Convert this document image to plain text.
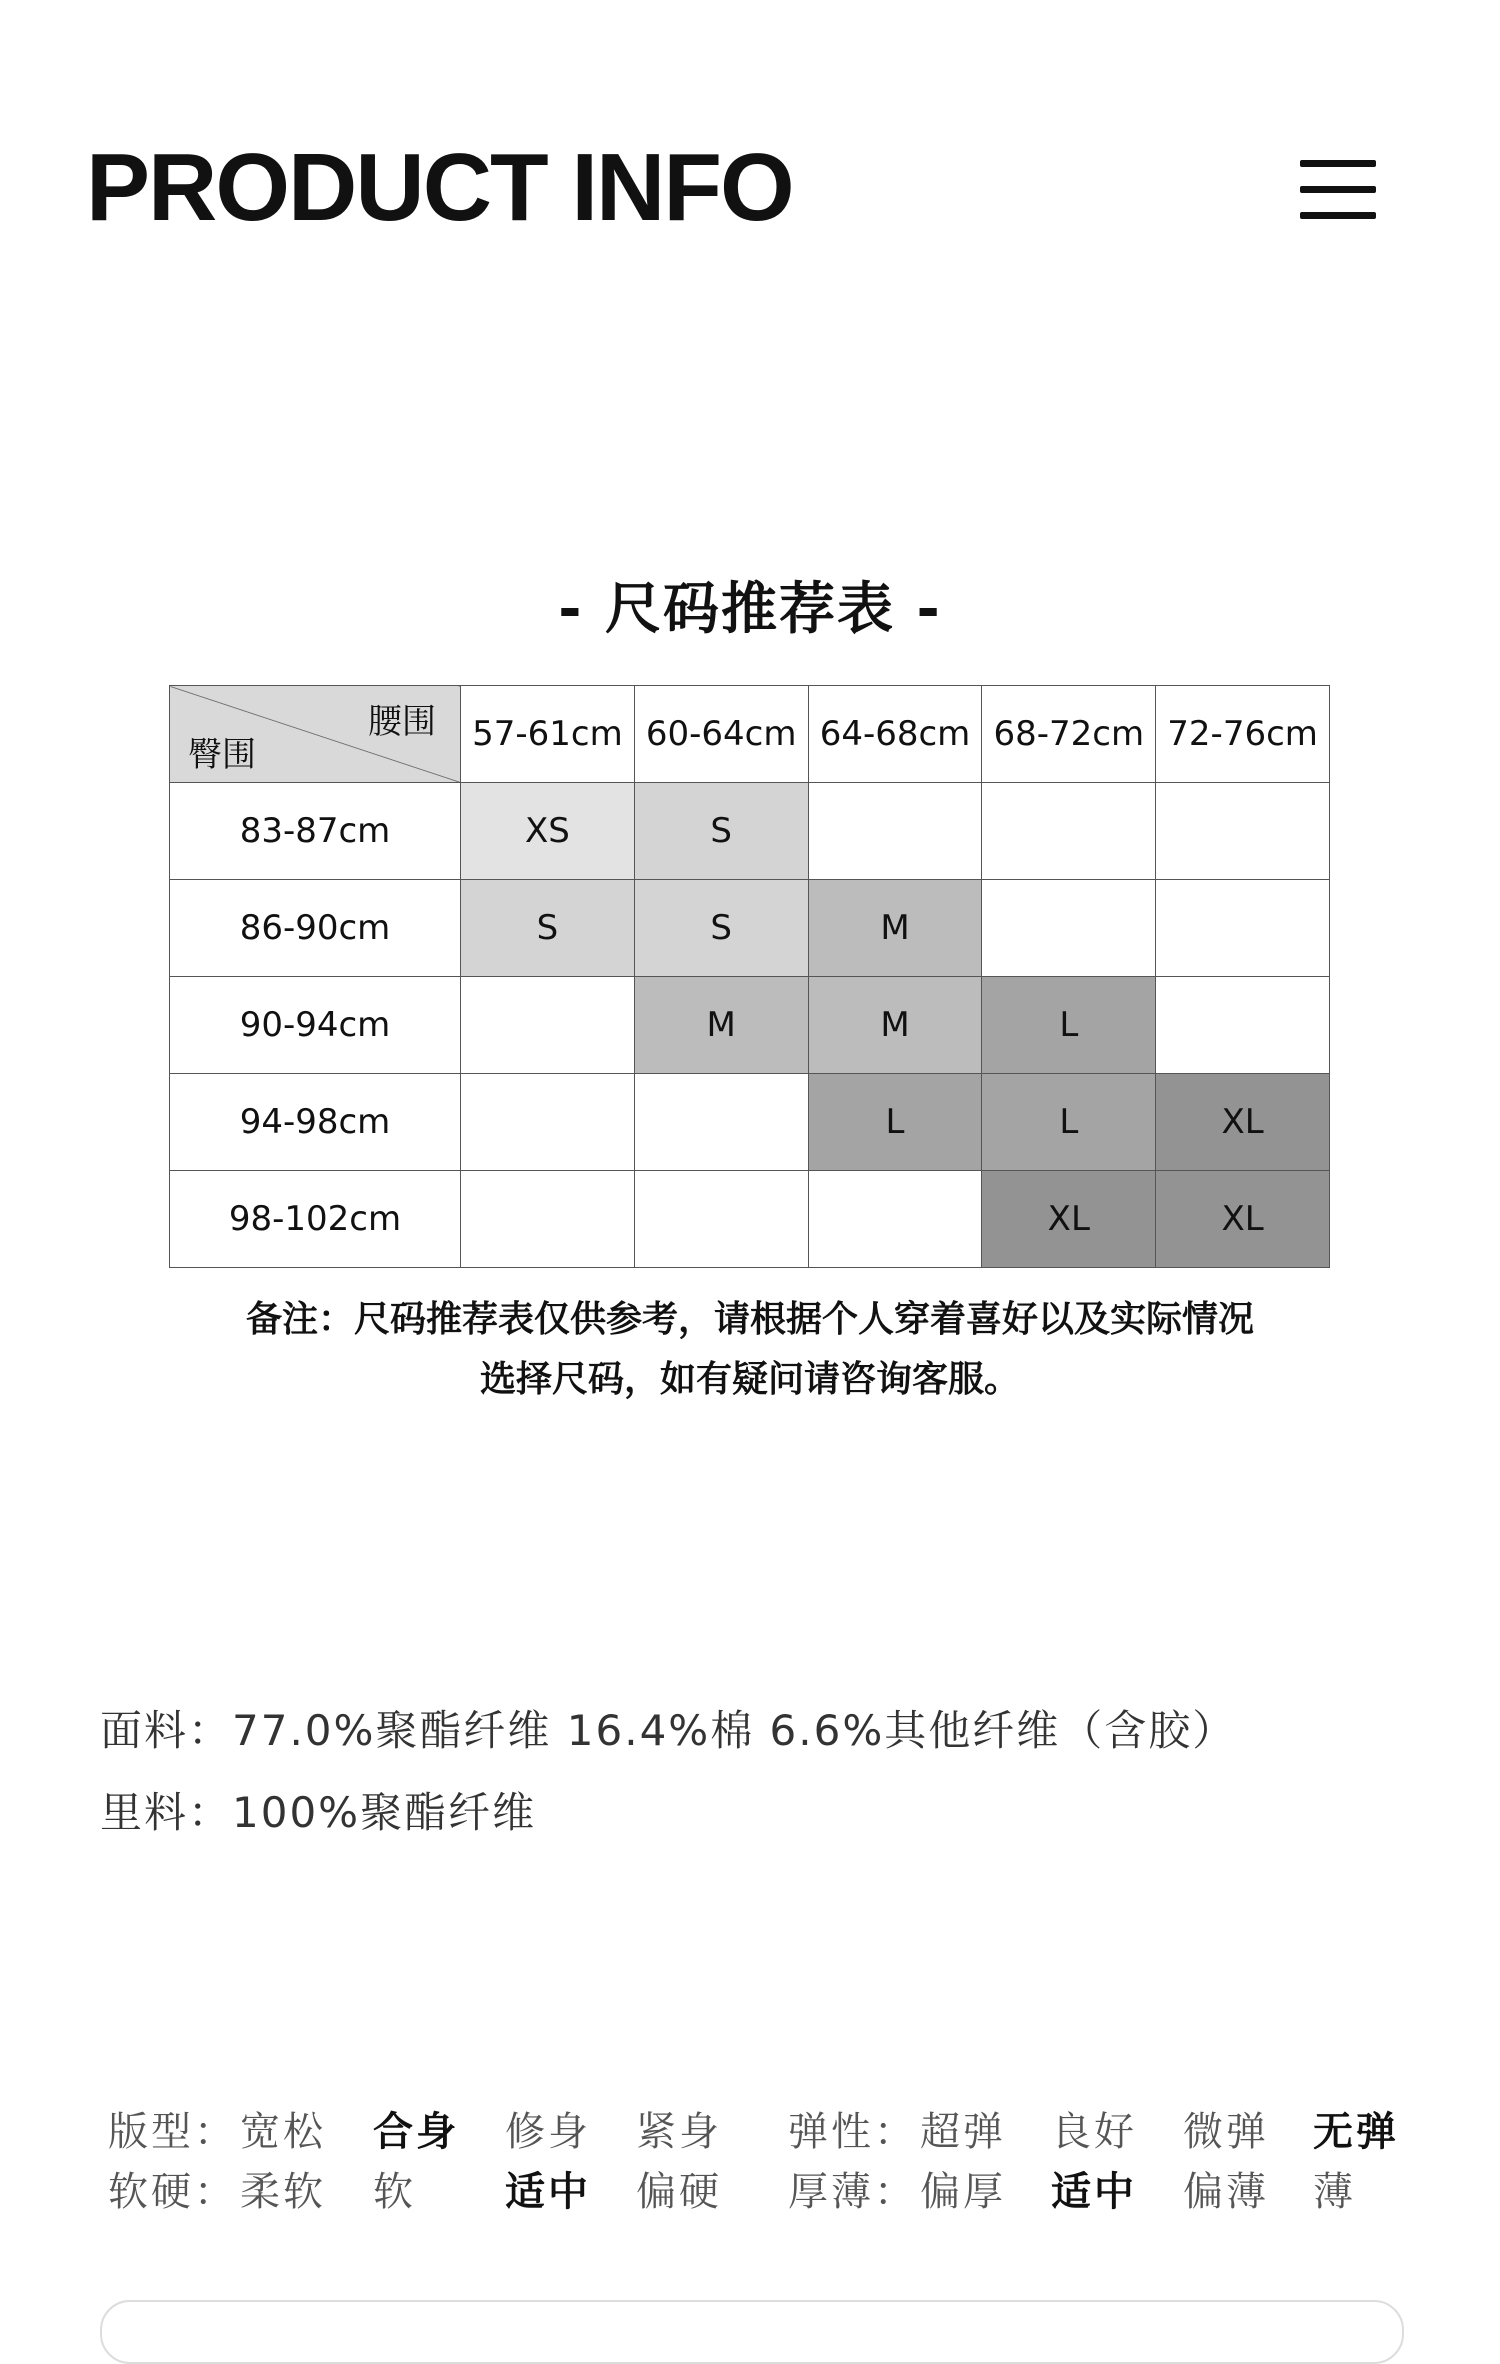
PRODUCT INFO
- 尺码推荐表 -
腰围
臀围	57-61cm	60-64cm	64-68cm	68-72cm	72-76cm
83-87cm	XS	S			
86-90cm	S	S	M		
90-94cm		M	M	L	
94-98cm			L	L	XL
98-102cm				XL	XL
备注：尺码推荐表仅供参考，请根据个人穿着喜好以及实际情况
选择尺码，如有疑问请咨询客服。
面料：77.0%聚酯纤维 16.4%棉 6.6%其他纤维（含胶）
里料：100%聚酯纤维
版型： 宽松 合身 修身 紧身 弹性： 超弹 良好 微弹 无弹
软硬： 柔软 软 适中 偏硬 厚薄： 偏厚 适中 偏薄 薄
